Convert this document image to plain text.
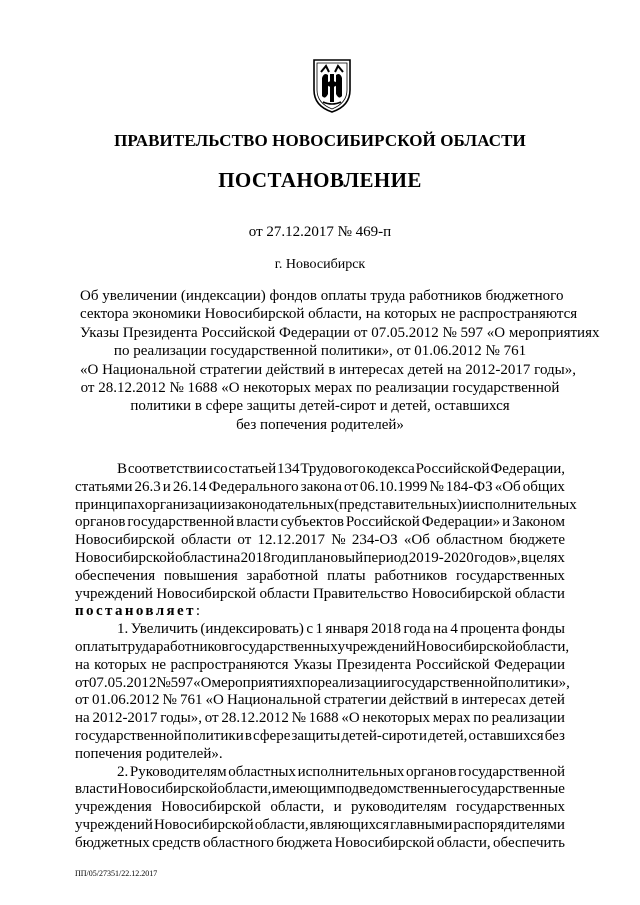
ПРАВИТЕЛЬСТВО НОВОСИБИРСКОЙ ОБЛАСТИ
ПОСТАНОВЛЕНИЕ
от 27.12.2017 № 469-п
г. Новосибирск
Об увеличении (индексации) фондов оплаты труда работников бюджетного
сектора экономики Новосибирской области, на которых не распространяются
Указы Президента Российской Федерации от 07.05.2012 № 597 «О мероприятиях
по реализации государственной политики», от 01.06.2012 № 761
«О Национальной стратегии действий в интересах детей на 2012-2017 годы»,
от 28.12.2012 № 1688 «О некоторых мерах по реализации государственной
политики в сфере защиты детей-сирот и детей, оставшихся
без попечения родителей»
В соответствии со статьей 134 Трудового кодекса Российской Федерации,
статьями 26.3 и 26.14 Федерального закона от 06.10.1999 № 184-ФЗ «Об общих
принципах организации законодательных (представительных) и исполнительных
органов государственной власти субъектов Российской Федерации» и Законом
Новосибирской области от 12.12.2017 № 234-ОЗ «Об областном бюджете
Новосибирской области на 2018 год и плановый период 2019-2020 годов», в целях
обеспечения повышения заработной платы работников государственных
учреждений Новосибирской области Правительство Новосибирской области
постановляет :
1. Увеличить (индексировать) с 1 января 2018 года на 4 процента фонды
оплаты труда работников государственных учреждений Новосибирской области,
на которых не распространяются Указы Президента Российской Федерации
от 07.05.2012 № 597 «О мероприятиях по реализации государственной политики»,
от 01.06.2012 № 761 «О Национальной стратегии действий в интересах детей
на 2012-2017 годы», от 28.12.2012 № 1688 «О некоторых мерах по реализации
государственной политики в сфере защиты детей-сирот и детей, оставшихся без
попечения родителей».
2. Руководителям областных исполнительных органов государственной
власти Новосибирской области, имеющим подведомственные государственные
учреждения Новосибирской области, и руководителям государственных
учреждений Новосибирской области, являющихся главными распорядителями
бюджетных средств областного бюджета Новосибирской области, обеспечить
ПП/05/27351/22.12.2017
